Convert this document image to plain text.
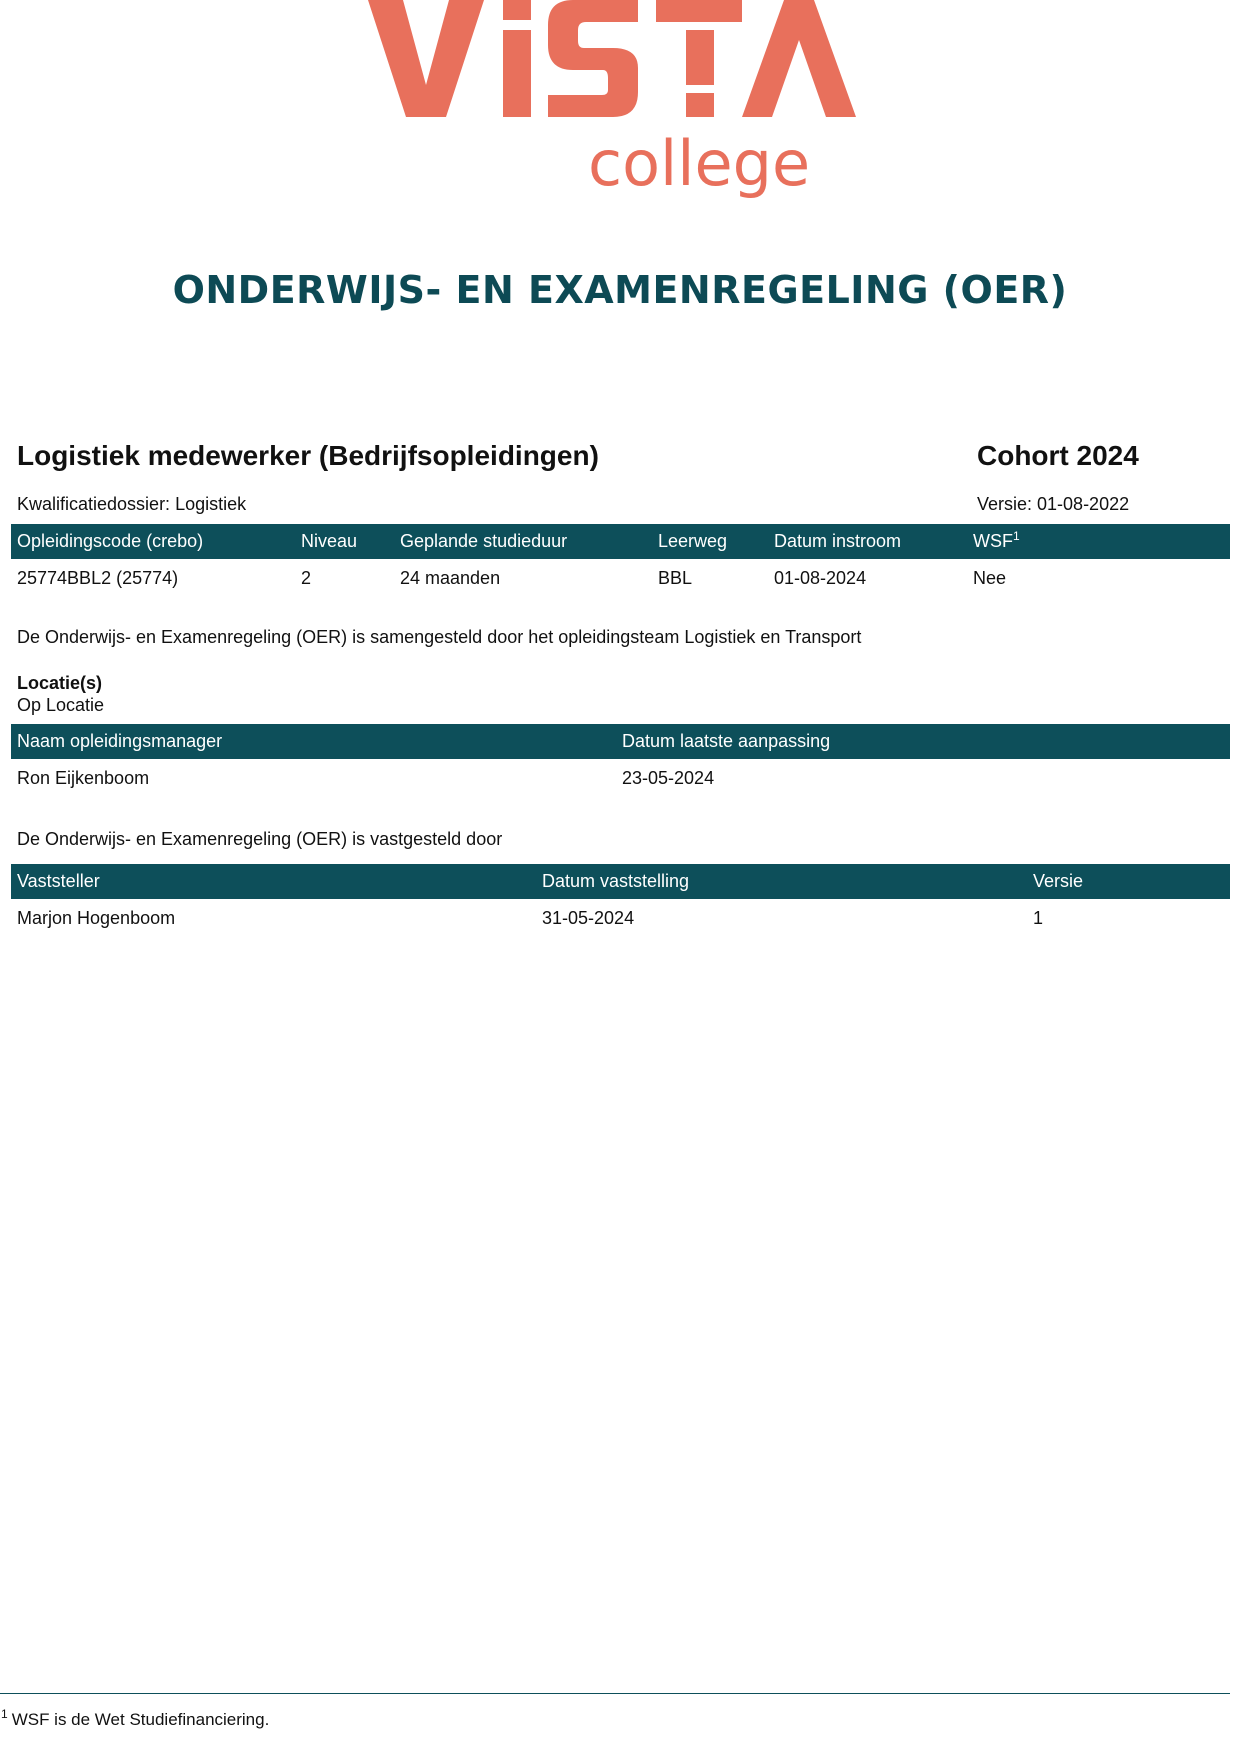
college
ONDERWIJS- EN EXAMENREGELING (OER)
Logistiek medewerker (Bedrijfsopleidingen)	Cohort 2024
Kwalificatiedossier: Logistiek	Versie: 01-08-2022
Opleidingscode (crebo)	Niveau	Geplande studieduur	Leerweg	Datum instroom	WSF$^1$
25774BBL2 (25774)	2	24 maanden	BBL	01-08-2024	Nee
De Onderwijs- en Examenregeling (OER) is samengesteld door het opleidingsteam Logistiek en Transport
Locatie(s)
Op Locatie
Naam opleidingsmanager	Datum laatste aanpassing
Ron Eijkenboom	23-05-2024
De Onderwijs- en Examenregeling (OER) is vastgesteld door
Vaststeller	Datum vaststelling	Versie
Marjon Hogenboom	31-05-2024	1
$^1$ WSF is de Wet Studiefinanciering.
